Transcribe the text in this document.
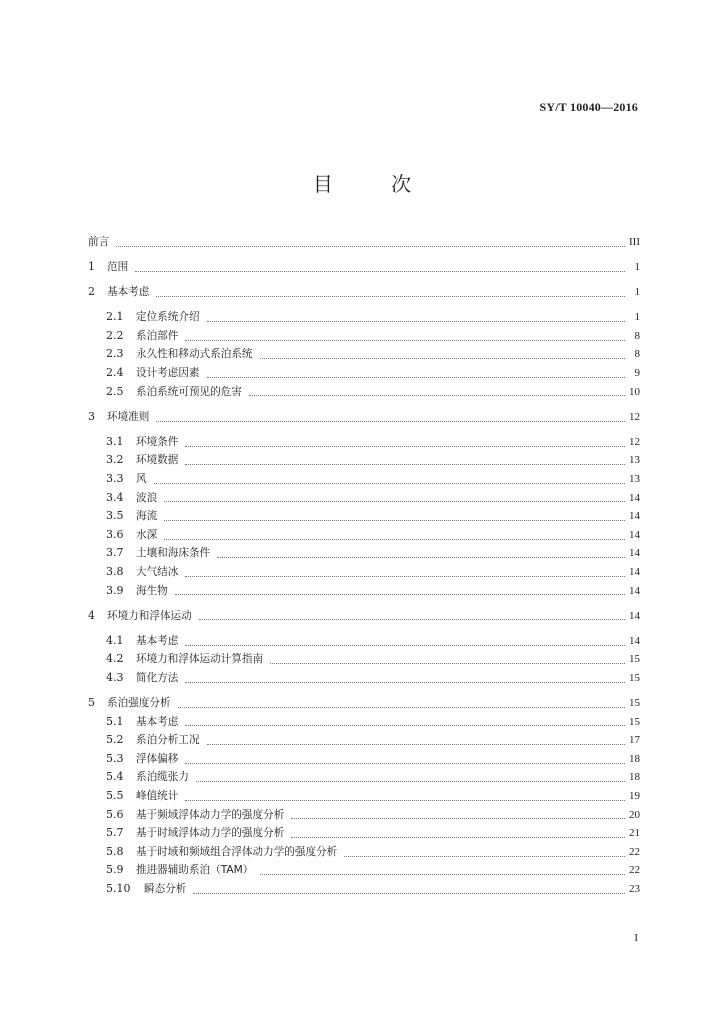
SY/T 10040—2016
目 次
前言	III
1	范围	1
2	基本考虑	1
2.1	定位系统介绍	1
2.2	系泊部件	8
2.3	永久性和移动式系泊系统	8
2.4	设计考虑因素	9
2.5	系泊系统可预见的危害	10
3	环境准则	12
3.1	环境条件	12
3.2	环境数据	13
3.3	风	13
3.4	波浪	14
3.5	海流	14
3.6	水深	14
3.7	土壤和海床条件	14
3.8	大气结冰	14
3.9	海生物	14
4	环境力和浮体运动	14
4.1	基本考虑	14
4.2	环境力和浮体运动计算指南	15
4.3	简化方法	15
5	系泊强度分析	15
5.1	基本考虑	15
5.2	系泊分析工况	17
5.3	浮体偏移	18
5.4	系泊缆张力	18
5.5	峰值统计	19
5.6	基于频域浮体动力学的强度分析	20
5.7	基于时域浮体动力学的强度分析	21
5.8	基于时域和频域组合浮体动力学的强度分析	22
5.9	推进器辅助系泊（TAM）	22
5.10	瞬态分析	23
I
